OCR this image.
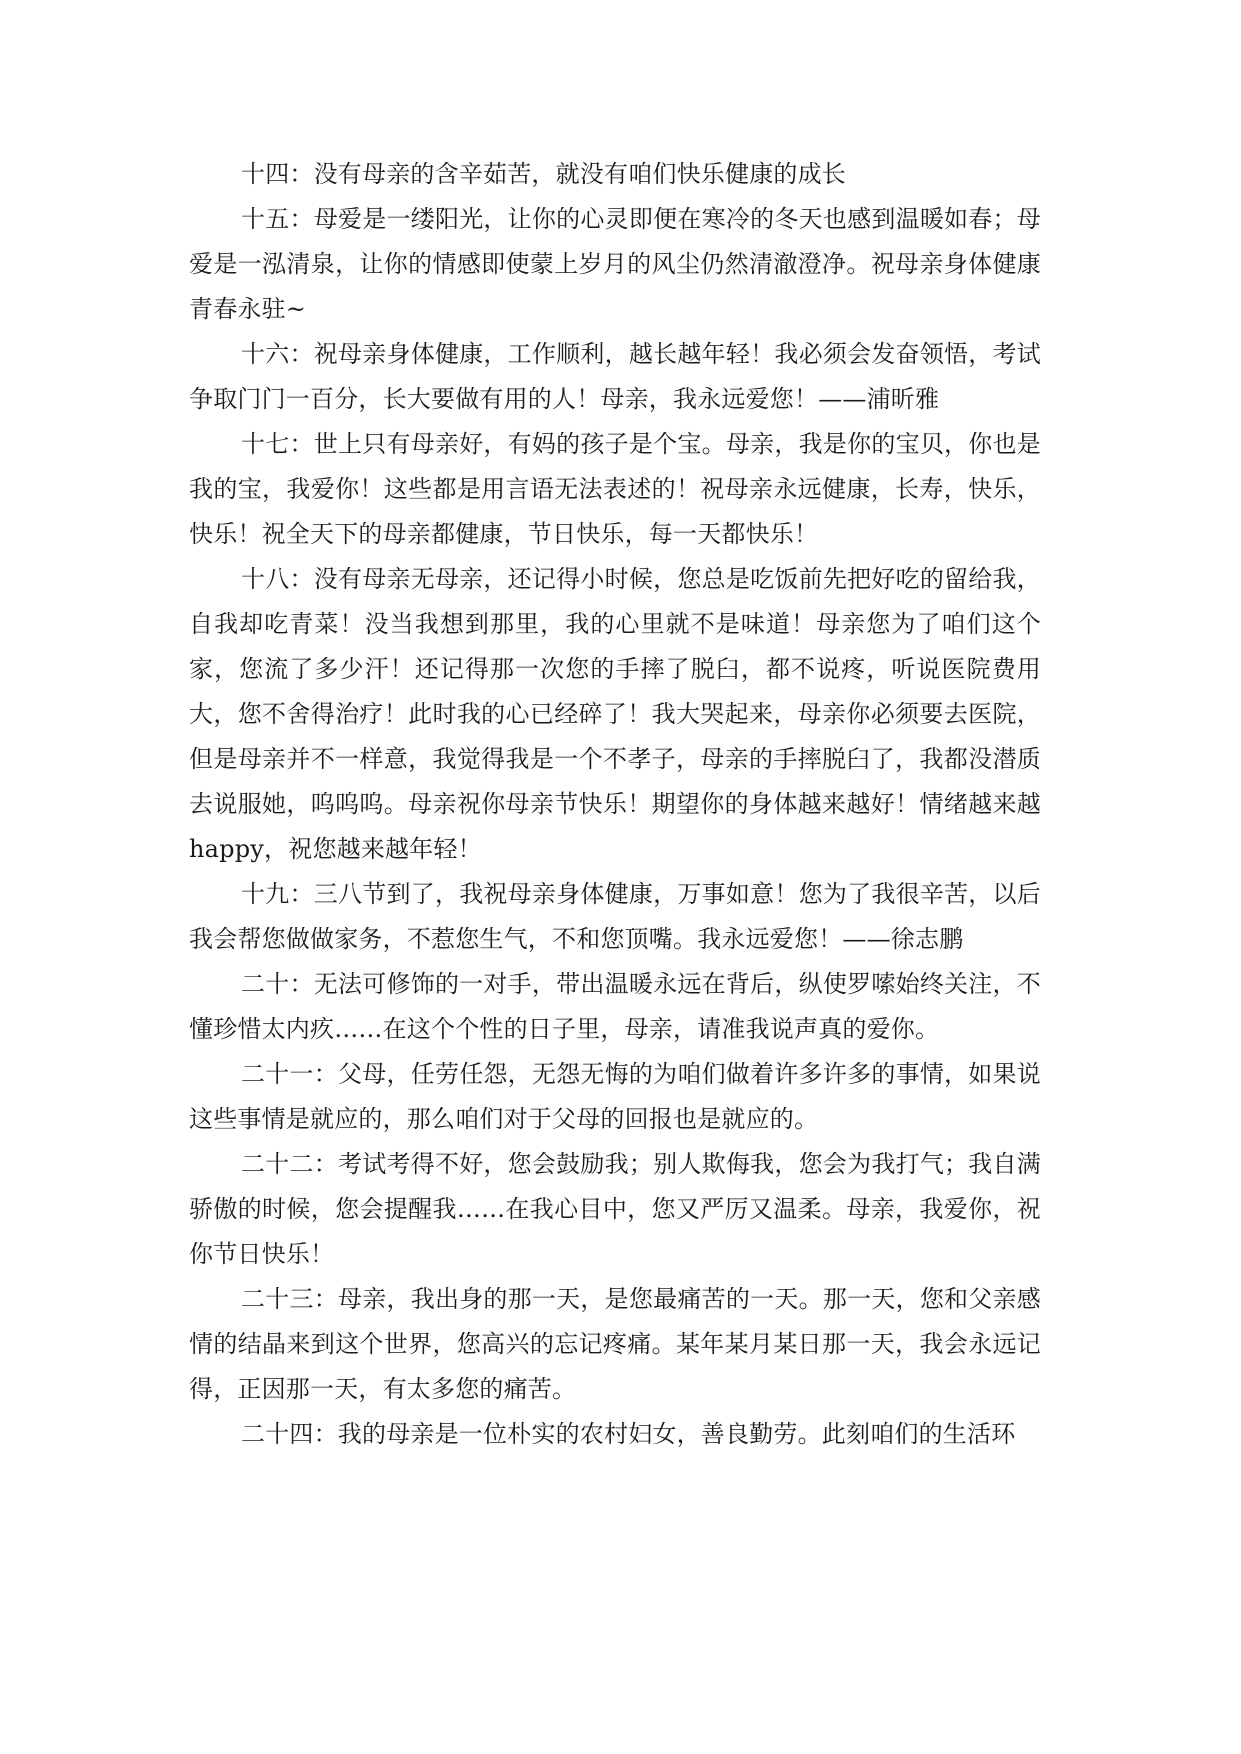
十四：没有母亲的含辛茹苦，就没有咱们快乐健康的成长

十五：母爱是一缕阳光，让你的心灵即便在寒冷的冬天也感到温暖如春；母爱是一泓清泉，让你的情感即使蒙上岁月的风尘仍然清澈澄净。祝母亲身体健康青春永驻~

十六：祝母亲身体健康，工作顺利，越长越年轻！我必须会发奋领悟，考试争取门门一百分，长大要做有用的人！母亲，我永远爱您！——浦昕雅

十七：世上只有母亲好，有妈的孩子是个宝。母亲，我是你的宝贝，你也是我的宝，我爱你！这些都是用言语无法表述的！祝母亲永远健康，长寿，快乐，快乐！祝全天下的母亲都健康，节日快乐，每一天都快乐！

十八：没有母亲无母亲，还记得小时候，您总是吃饭前先把好吃的留给我，自我却吃青菜！没当我想到那里，我的心里就不是味道！母亲您为了咱们这个家，您流了多少汗！还记得那一次您的手摔了脱臼，都不说疼，听说医院费用大，您不舍得治疗！此时我的心已经碎了！我大哭起来，母亲你必须要去医院，但是母亲并不一样意，我觉得我是一个不孝子，母亲的手摔脱臼了，我都没潜质去说服她，呜呜呜。母亲祝你母亲节快乐！期望你的身体越来越好！情绪越来越 happy，祝您越来越年轻！

十九：三八节到了，我祝母亲身体健康，万事如意！您为了我很辛苦，以后我会帮您做做家务，不惹您生气，不和您顶嘴。我永远爱您！——徐志鹏

二十：无法可修饰的一对手，带出温暖永远在背后，纵使罗嗦始终关注，不懂珍惜太内疚……在这个个性的日子里，母亲，请准我说声真的爱你。

二十一：父母，任劳任怨，无怨无悔的为咱们做着许多许多的事情，如果说这些事情是就应的，那么咱们对于父母的回报也是就应的。

二十二：考试考得不好，您会鼓励我；别人欺侮我，您会为我打气；我自满骄傲的时候，您会提醒我……在我心目中，您又严厉又温柔。母亲，我爱你，祝你节日快乐！

二十三：母亲，我出身的那一天，是您最痛苦的一天。那一天，您和父亲感情的结晶来到这个世界，您高兴的忘记疼痛。某年某月某日那一天，我会永远记得，正因那一天，有太多您的痛苦。

二十四：我的母亲是一位朴实的农村妇女，善良勤劳。此刻咱们的生活环
